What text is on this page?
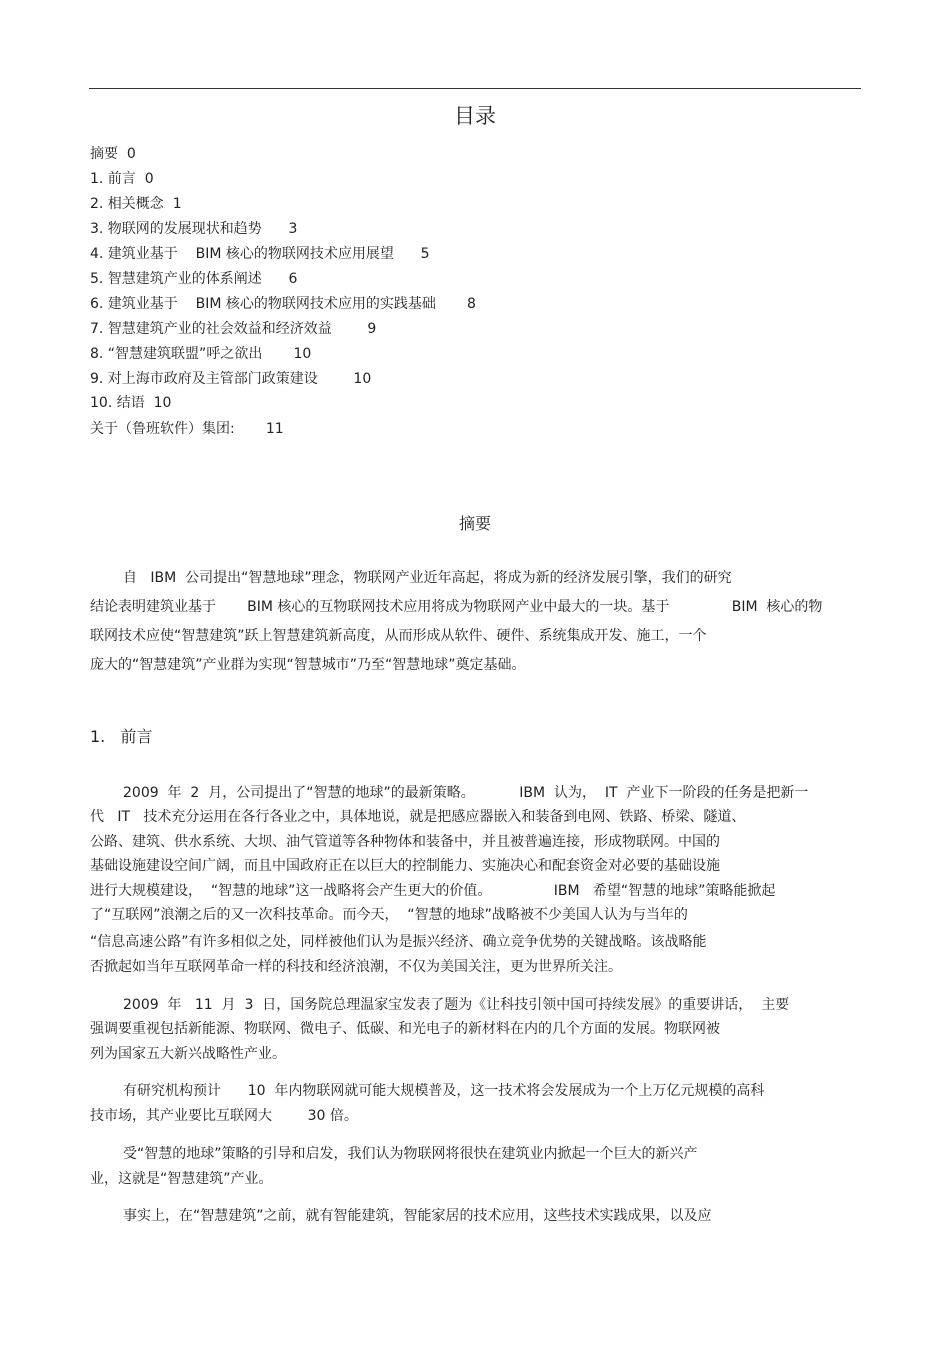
目录
摘要  0
1. 前言  0
2. 相关概念  1
3. 物联网的发展现状和趋势      3
4. 建筑业基于    BIM 核心的物联网技术应用展望      5
5. 智慧建筑产业的体系阐述      6
6. 建筑业基于    BIM 核心的物联网技术应用的实践基础       8
7. 智慧建筑产业的社会效益和经济效益        9
8. “智慧建筑联盟”呼之欲出       10
9. 对上海市政府及主管部门政策建设        10
10. 结语  10
关于（鲁班软件）集团:       11
摘要
自   IBM  公司提出“智慧地球”理念，物联网产业近年高起，将成为新的经济发展引擎，我们的研究
结论表明建筑业基于       BIM 核心的互物联网技术应用将成为物联网产业中最大的一块。基于              BIM  核心的物
联网技术应使“智慧建筑”跃上智慧建筑新高度，从而形成从软件、硬件、系统集成开发、施工，一个
庞大的“智慧建筑”产业群为实现“智慧城市”乃至“智慧地球”奠定基础。
1.   前言
2009  年  2  月，公司提出了“智慧的地球”的最新策略。          IBM  认为，  IT  产业下一阶段的任务是把新一
代   IT   技术充分运用在各行各业之中，具体地说，就是把感应器嵌入和装备到电网、铁路、桥梁、隧道、
公路、建筑、供水系统、大坝、油气管道等各种物体和装备中，并且被普遍连接，形成物联网。中国的
基础设施建设空间广阔，而且中国政府正在以巨大的控制能力、实施决心和配套资金对必要的基础设施
进行大规模建设，  “智慧的地球”这一战略将会产生更大的价值。              IBM   希望“智慧的地球”策略能掀起
了“互联网”浪潮之后的又一次科技革命。而今天，  “智慧的地球”战略被不少美国人认为与当年的
“信息高速公路”有许多相似之处，同样被他们认为是振兴经济、确立竞争优势的关键战略。该战略能
否掀起如当年互联网革命一样的科技和经济浪潮，不仅为美国关注，更为世界所关注。
2009  年   11  月  3  日，国务院总理温家宝发表了题为《让科技引领中国可持续发展》的重要讲话，  主要
强调要重视包括新能源、物联网、微电子、低碳、和光电子的新材料在内的几个方面的发展。物联网被
列为国家五大新兴战略性产业。
有研究机构预计      10  年内物联网就可能大规模普及，这一技术将会发展成为一个上万亿元规模的高科
技市场，其产业要比互联网大        30 倍。
受“智慧的地球”策略的引导和启发，我们认为物联网将很快在建筑业内掀起一个巨大的新兴产
业，这就是“智慧建筑”产业。
事实上，在“智慧建筑”之前，就有智能建筑，智能家居的技术应用，这些技术实践成果，以及应
